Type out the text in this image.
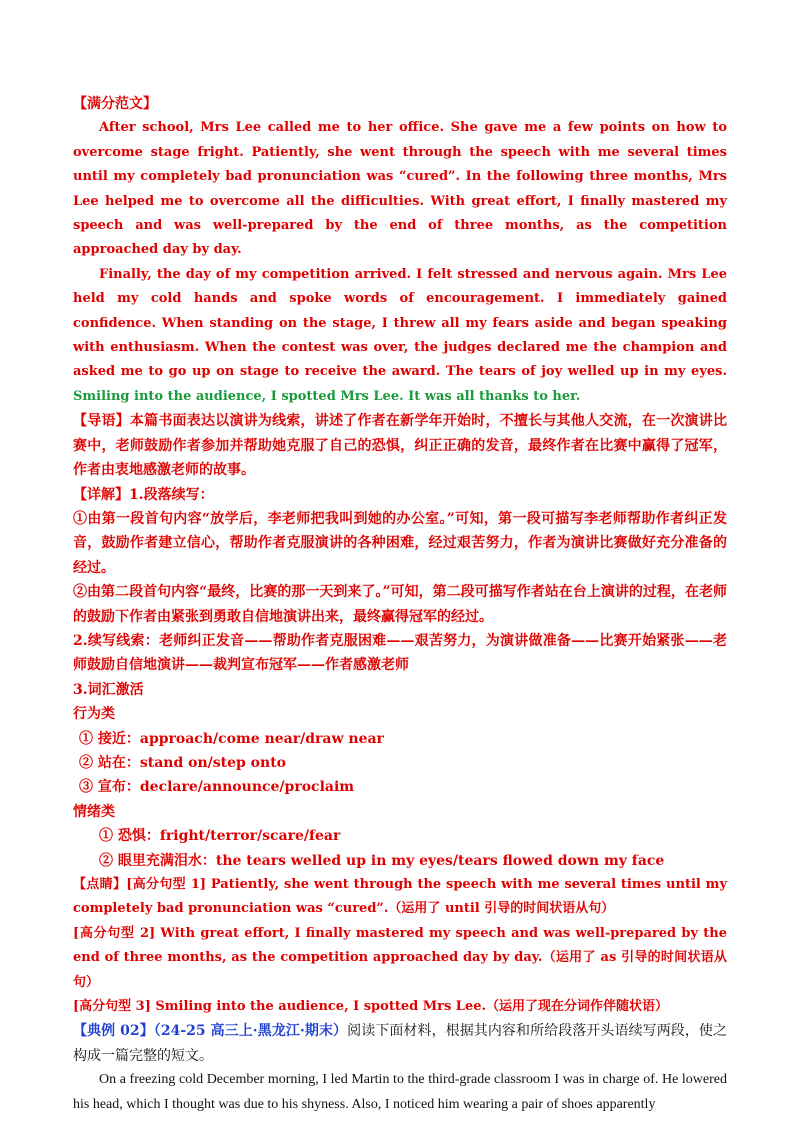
【满分范文】

After school, Mrs Lee called me to her office. She gave me a few points on how to overcome stage fright. Patiently, she went through the speech with me several times until my completely bad pronunciation was “cured”. In the following three months, Mrs Lee helped me to overcome all the difficulties. With great effort, I finally mastered my speech and was well-prepared by the end of three months, as the competition approached day by day.

Finally, the day of my competition arrived. I felt stressed and nervous again. Mrs Lee held my cold hands and spoke words of encouragement. I immediately gained confidence. When standing on the stage, I threw all my fears aside and began speaking with enthusiasm. When the contest was over, the judges declared me the champion and asked me to go up on stage to receive the award. The tears of joy welled up in my eyes. Smiling into the audience, I spotted Mrs Lee. It was all thanks to her.

【导语】本篇书面表达以演讲为线索，讲述了作者在新学年开始时，不擅长与其他人交流，在一次演讲比赛中，老师鼓励作者参加并帮助她克服了自己的恐惧，纠正正确的发音，最终作者在比赛中赢得了冠军，作者由衷地感激老师的故事。

【详解】1.段落续写：

①由第一段首句内容“放学后，李老师把我叫到她的办公室。”可知，第一段可描写李老师帮助作者纠正发音，鼓励作者建立信心，帮助作者克服演讲的各种困难，经过艰苦努力，作者为演讲比赛做好充分准备的经过。

②由第二段首句内容“最终，比赛的那一天到来了。”可知，第二段可描写作者站在台上演讲的过程，在老师的鼓励下作者由紧张到勇敢自信地演讲出来，最终赢得冠军的经过。

2.续写线索：老师纠正发音——帮助作者克服困难——艰苦努力，为演讲做准备——比赛开始紧张——老师鼓励自信地演讲——裁判宣布冠军——作者感激老师

3.词汇激活

行为类

① 接近：approach/come near/draw near

② 站在：stand on/step onto

③ 宣布：declare/announce/proclaim

情绪类

① 恐惧：fright/terror/scare/fear

② 眼里充满泪水：the tears welled up in my eyes/tears flowed down my face

【点睛】[高分句型 1] Patiently, she went through the speech with me several times until my completely bad pronunciation was “cured”.（运用了 until 引导的时间状语从句）

[高分句型 2] With great effort, I finally mastered my speech and was well-prepared by the end of three months, as the competition approached day by day.（运用了 as 引导的时间状语从句）

[高分句型 3] Smiling into the audience, I spotted Mrs Lee.（运用了现在分词作伴随状语）

【典例 02】（24-25 高三上·黑龙江·期末）阅读下面材料，根据其内容和所给段落开头语续写两段，使之构成一篇完整的短文。

On a freezing cold December morning, I led Martin to the third-grade classroom I was in charge of. He lowered his head, which I thought was due to his shyness. Also, I noticed him wearing a pair of shoes apparently
